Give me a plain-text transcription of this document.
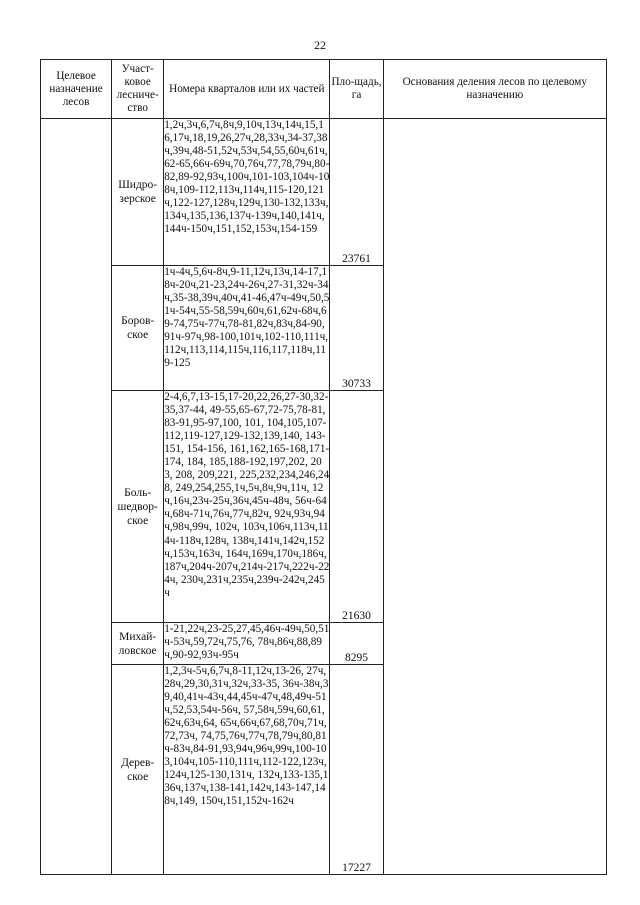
22
Целевое назначение лесов	Участ-ковое лесниче-ство	Номера кварталов или их частей	Пло-щадь, га	Основания деления лесов по целевому назначению
	Шидро-зерское	1,2ч,3ч,6,7ч,8ч,9,10ч,13ч,14ч,15,16,17ч,18,19,26,27ч,28,33ч,34-37,38ч,39ч,48-51,52ч,53ч,54,55,60ч,61ч,62-65,66ч-69ч,70,76ч,77,78,79ч,80-82,89-92,93ч,100ч,101-103,104ч-108ч,109-112,113ч,114ч,115-120,121ч,122-127,128ч,129ч,130-132,133ч,134ч,135,136,137ч-139ч,140,141ч,144ч-150ч,151,152,153ч,154-159	23761	
	Боров-ское	1ч-4ч,5,6ч-8ч,9-11,12ч,13ч,14-17,18ч-20ч,21-23,24ч-26ч,27-31,32ч-34ч,35-38,39ч,40ч,41-46,47ч-49ч,50,51ч-54ч,55-58,59ч,60ч,61,62ч-68ч,69-74,75ч-77ч,78-81,82ч,83ч,84-90,91ч-97ч,98-100,101ч,102-110,111ч,112ч,113,114,115ч,116,117,118ч,119-125	30733	
	Боль-шедвор-ское	2-4,6,7,13-15,17-20,22,26,27-30,32-35,37-44, 49-55,65-67,72-75,78-81,83-91,95-97,100, 101, 104,105,107-112,119-127,129-132,139,140, 143-151, 154-156, 161,162,165-168,171-174, 184, 185,188-192,197,202, 203, 208, 209,221, 225,232,234,246,248, 249,254,255,1ч,5ч,8ч,9ч,11ч, 12ч,16ч,23ч-25ч,36ч,45ч-48ч, 56ч-64ч,68ч-71ч,76ч,77ч,82ч, 92ч,93ч,94ч,98ч,99ч, 102ч, 103ч,106ч,113ч,114ч-118ч,128ч, 138ч,141ч,142ч,152ч,153ч,163ч, 164ч,169ч,170ч,186ч,187ч,204ч-207ч,214ч-217ч,222ч-224ч, 230ч,231ч,235ч,239ч-242ч,245ч	21630	
	Михай-ловское	1-21,22ч,23-25,27,45,46ч-49ч,50,51ч-53ч,59,72ч,75,76, 78ч,86ч,88,89ч,90-92,93ч-95ч	8295	
	Дерев-ское	1,2,3ч-5ч,6,7ч,8-11,12ч,13-26, 27ч,28ч,29,30,31ч,32ч,33-35, 36ч-38ч,39,40,41ч-43ч,44,45ч-47ч,48,49ч-51ч,52,53,54ч-56ч, 57,58ч,59ч,60,61,62ч,63ч,64, 65ч,66ч,67,68,70ч,71ч,72,73ч, 74,75,76ч,77ч,78,79ч,80,81ч-83ч,84-91,93,94ч,96ч,99ч,100-103,104ч,105-110,111ч,112-122,123ч,124ч,125-130,131ч, 132ч,133-135,136ч,137ч,138-141,142ч,143-147,148ч,149, 150ч,151,152ч-162ч	17227	
